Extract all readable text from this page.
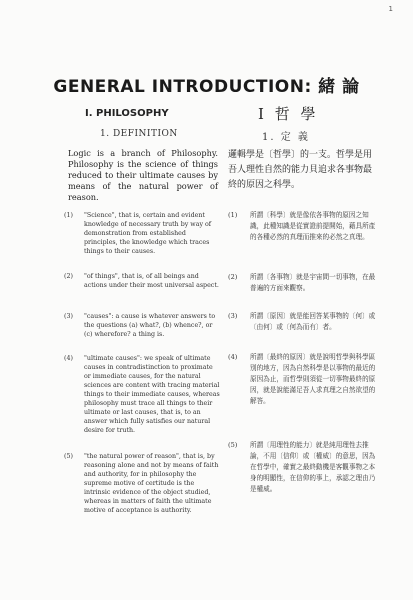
1
GENERAL INTRODUCTION: 緒 論
I. PHILOSOPHY	I 哲 學
1. DEFINITION	1. 定 義
Logic is a branch of Philosophy. Philosophy is the science of things reduced to their ultimate causes by means of the natural power of reason.
邏輯學是〔哲學〕的一支。哲學是用吾人理性自然的能力貝追求各事物最終的原因之科學。
(1) "Science", that is, certain and evident knowledge of necessary truth by way of demonstration from established principles, the knowledge which traces things to their causes.
(2) "of things", that is, of all beings and actions under their most universal aspect.
(3) "causes": a cause is whatever answers to the questions (a) what?, (b) whence?, or (c) wherefore? a thing is.
(4) "ultimate causes": we speak of ultimate causes in contradistinction to proximate or immediate causes, for the natural sciences are content with tracing material things to their immediate causes, whereas philosophy must trace all things to their ultimate or last causes, that is, to an answer which fully satisfies our natural desire for truth.
(5) "the natural power of reason", that is, by reasoning alone and not by means of faith and authority, for in philosophy the supreme motive of certitude is the intrinsic evidence of the object studied, whereas in matters of faith the ultimate motive of acceptance is authority.
(1) 所謂〔科學〕就是像依各事物的原因之知識，此種知識是從實證前提開始，藉具所產的各種必然的真理而推來的必然之真理。
(2) 所謂〔各事物〕就是宇宙間一切事物，在最普遍的方面來觀察。
(3) 所謂〔原因〕就是能回答某事物的〔何〕或〔由何〕或〔何為而有〕者。
(4) 所謂〔最終的原因〕就是說明哲學與科學區別的地方，因為自然科學是以事物的最近的原因為止，而哲學則須從一切事物最終的原因，就是說能滿足吾人求真理之自然欲望的解答。
(5) 所謂〔用理性的能力〕就是純用理性去推論，不用〔信仰〕或〔權威〕的意思，因為在哲學中，確實之最終動機是客觀事物之本身的明顯性，在信仰的事上，承認之理由乃是權威。
